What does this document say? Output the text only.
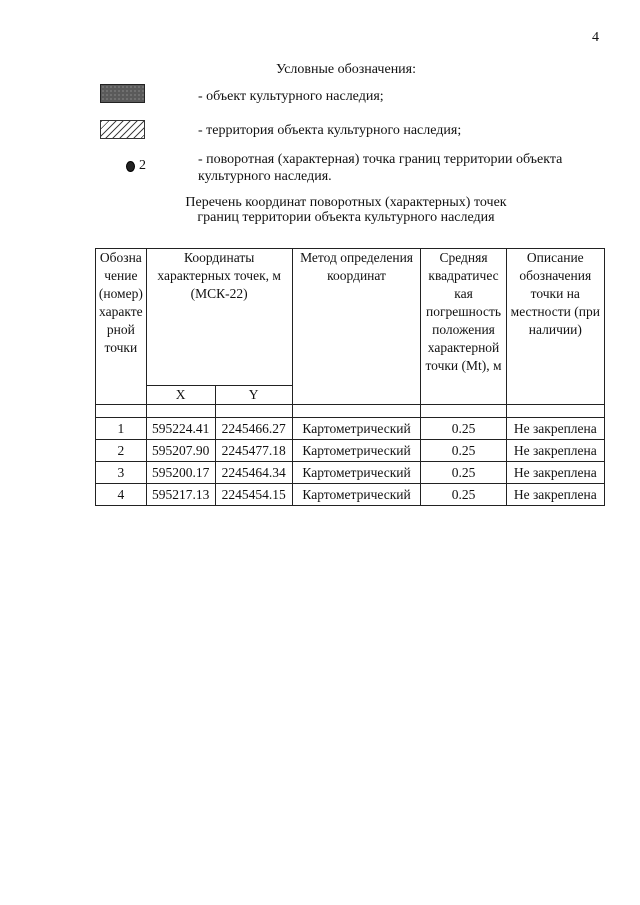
4
Условные обозначения:
- объект культурного наследия;
- территория объекта культурного наследия;
2	- поворотная (характерная) точка границ территории объекта культурного наследия.
Перечень координат поворотных (характерных) точек
границ территории объекта культурного наследия
Обозна чение (номер) характе рной точки	Координаты характерных точек, м (МСК-22)		Метод определения координат	Средняя квадратичес кая погрешность положения характерной точки (Mt), м	Описание обозначения точки на местности (при наличии)
	X	Y			

1	595224.41	2245466.27	Картометрический	0.25	Не закреплена
2	595207.90	2245477.18	Картометрический	0.25	Не закреплена
3	595200.17	2245464.34	Картометрический	0.25	Не закреплена
4	595217.13	2245454.15	Картометрический	0.25	Не закреплена
